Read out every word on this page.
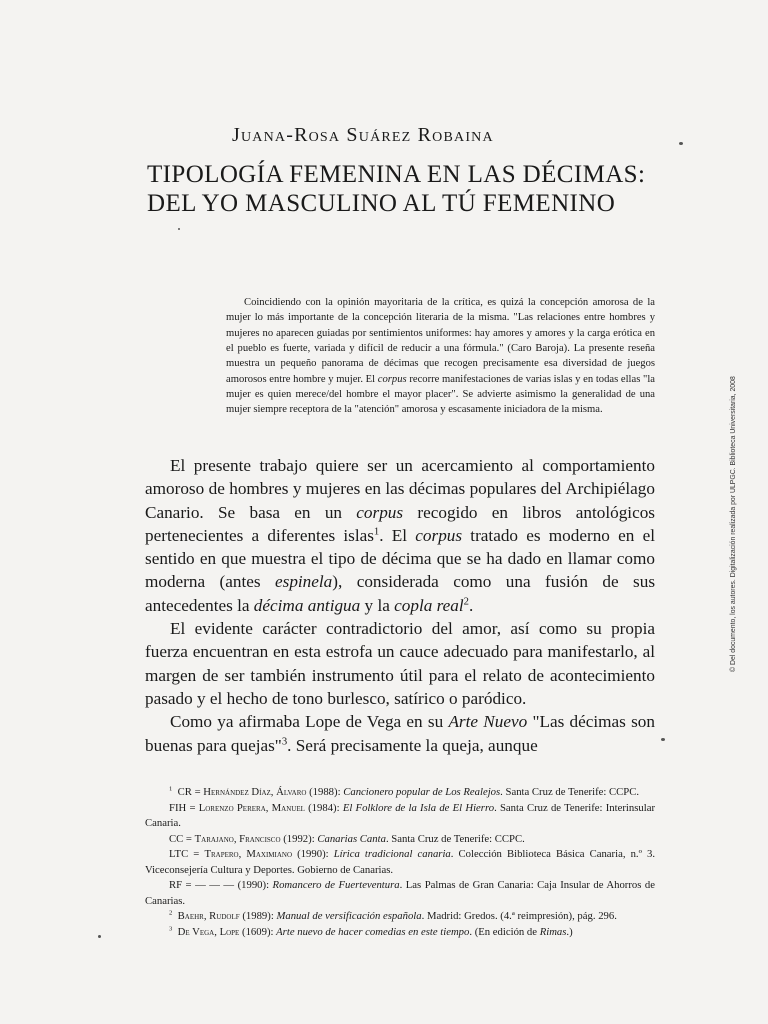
Juana-Rosa Suárez Robaina

TIPOLOGÍA FEMENINA EN LAS DÉCIMAS:
DEL YO MASCULINO AL TÚ FEMENINO

Coincidiendo con la opinión mayoritaria de la crítica, es quizá la concepción amorosa de la mujer lo más importante de la concepción literaria de la misma. "Las relaciones entre hombres y mujeres no aparecen guiadas por sentimientos uniformes: hay amores y amores y la carga erótica en el pueblo es fuerte, variada y difícil de reducir a una fórmula." (Caro Baroja). La presente reseña muestra un pequeño panorama de décimas que recogen precisamente esa diversidad de juegos amorosos entre hombre y mujer. El corpus recorre manifestaciones de varias islas y en todas ellas "la mujer es quien merece/del hombre el mayor placer". Se advierte asimismo la generalidad de una mujer siempre receptora de la "atención" amorosa y escasamente iniciadora de la misma.

El presente trabajo quiere ser un acercamiento al comportamiento amoroso de hombres y mujeres en las décimas populares del Archipiélago Canario. Se basa en un corpus recogido en libros antológicos pertenecientes a diferentes islas$^1$. El corpus tratado es moderno en el sentido en que muestra el tipo de décima que se ha dado en llamar como moderna (antes espinela), considerada como una fusión de sus antecedentes la décima antigua y la copla real$^2$.

El evidente carácter contradictorio del amor, así como su propia fuerza encuentran en esta estrofa un cauce adecuado para manifestarlo, al margen de ser también instrumento útil para el relato de acontecimiento pasado y el hecho de tono burlesco, satírico o paródico.

Como ya afirmaba Lope de Vega en su Arte Nuevo "Las décimas son buenas para quejas"$^3$. Será precisamente la queja, aunque

$^1$ CR = Hernández Díaz, Álvaro (1988): Cancionero popular de Los Realejos. Santa Cruz de Tenerife: CCPC.

FIH = Lorenzo Perera, Manuel (1984): El Folklore de la Isla de El Hierro. Santa Cruz de Tenerife: Interinsular Canaria.

CC = Tarajano, Francisco (1992): Canarias Canta. Santa Cruz de Tenerife: CCPC.

LTC = Trapero, Maximiano (1990): Lírica tradicional canaria. Colección Biblioteca Básica Canaria, n.º 3. Viceconsejería Cultura y Deportes. Gobierno de Canarias.

RF = — — — (1990): Romancero de Fuerteventura. Las Palmas de Gran Canaria: Caja Insular de Ahorros de Canarias.

$^2$ Baehr, Rudolf (1989): Manual de versificación española. Madrid: Gredos. (4.ª reimpresión), pág. 296.

$^3$ De Vega, Lope (1609): Arte nuevo de hacer comedias en este tiempo. (En edición de Rimas.)

© Del documento, los autores. Digitalización realizada por ULPGC. Biblioteca Universitaria, 2008
